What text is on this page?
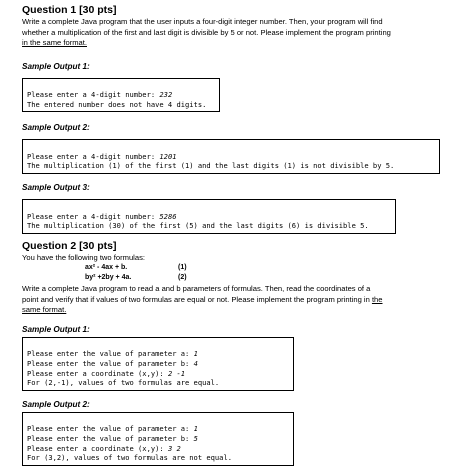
Question 1 [30 pts]

Write a complete Java program that the user inputs a four-digit integer number. Then, your program will find
whether a multiplication of the first and last digit is divisible by 5 or not. Please implement the program printing
in the same format.

Sample Output 1:

Please enter a 4-digit number: 232
The entered number does not have 4 digits.

Sample Output 2:

Please enter a 4-digit number: 1201
The multiplication (1) of the first (1) and the last digits (1) is not divisible by 5.

Sample Output 3:

Please enter a 4-digit number: 5286
The multiplication (30) of the first (5) and the last digits (6) is divisible 5.

Question 2 [30 pts]

You have the following two formulas:

ax² - 4ax + b.	(1)
by² +2by + 4a.	(2)

Write a complete Java program to read a and b parameters of formulas. Then, read the coordinates of a
point and verify that if values of two formulas are equal or not. Please implement the program printing in the
same format.

Sample Output 1:

Please enter the value of parameter a: 1
Please enter the value of parameter b: 4
Please enter a coordinate (x,y): 2 -1
For (2,-1), values of two formulas are equal.

Sample Output 2:

Please enter the value of parameter a: 1
Please enter the value of parameter b: 5
Please enter a coordinate (x,y): 3 2
For (3,2), values of two formulas are not equal.
